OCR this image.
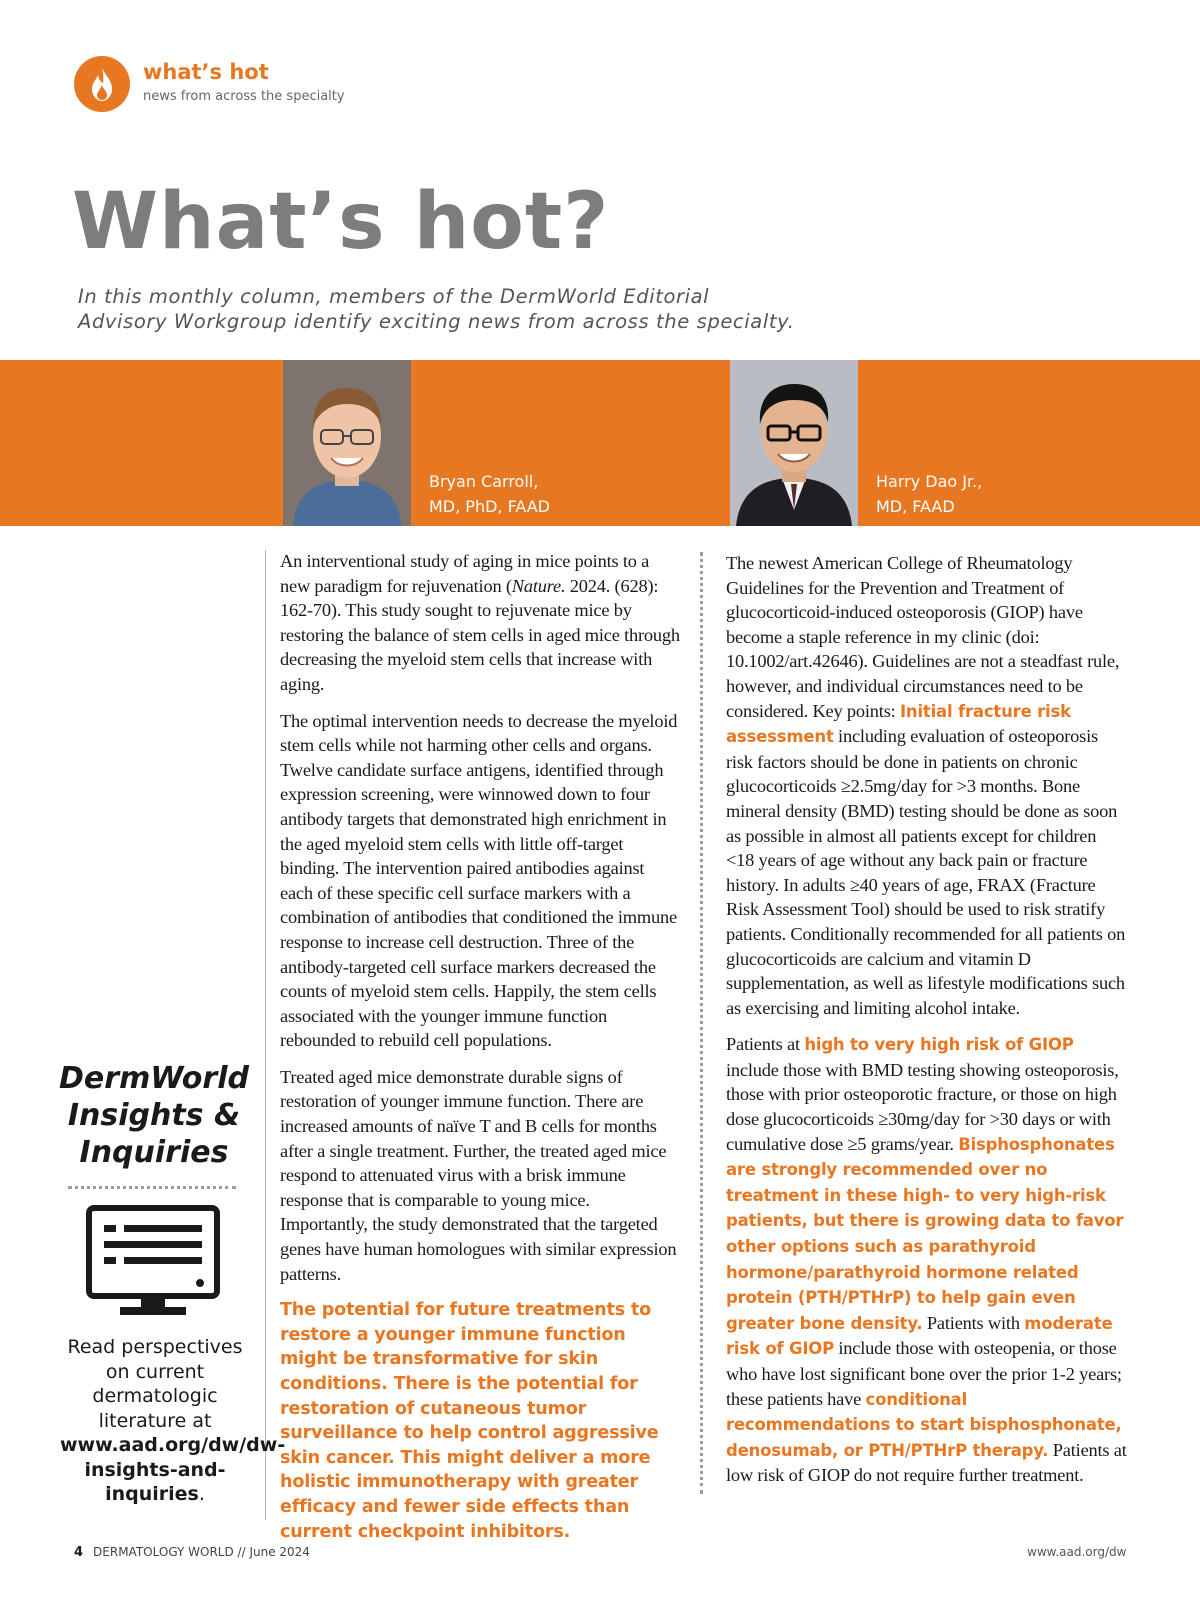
what’s hot
news from across the specialty
What’s hot?
In this monthly column, members of the DermWorld Editorial
Advisory Workgroup identify exciting news from across the specialty.
Bryan Carroll,
MD, PhD, FAAD
Harry Dao Jr.,
MD, FAAD

An interventional study of aging in mice points to a new paradigm for rejuvenation (Nature. 2024. (628): 162-70). This study sought to rejuvenate mice by restoring the balance of stem cells in aged mice through decreasing the myeloid stem cells that increase with aging.

The optimal intervention needs to decrease the myeloid stem cells while not harming other cells and organs. Twelve candidate surface antigens, identified through expression screening, were winnowed down to four antibody targets that demonstrated high enrichment in the aged myeloid stem cells with little off-target binding. The intervention paired antibodies against each of these specific cell surface markers with a combination of antibodies that conditioned the immune response to increase cell destruction. Three of the antibody-targeted cell surface markers decreased the counts of myeloid stem cells. Happily, the stem cells associated with the younger immune function rebounded to rebuild cell populations.

Treated aged mice demonstrate durable signs of restoration of younger immune function. There are increased amounts of naïve T and B cells for months after a single treatment. Further, the treated aged mice respond to attenuated virus with a brisk immune response that is comparable to young mice. Importantly, the study demonstrated that the targeted genes have human homologues with similar expression patterns.

The potential for future treatments to restore a younger immune function might be transformative for skin conditions. There is the potential for restoration of cutaneous tumor surveillance to help control aggressive skin cancer. This might deliver a more holistic immunotherapy with greater efficacy and fewer side effects than current checkpoint inhibitors.

The newest American College of Rheumatology Guidelines for the Prevention and Treatment of glucocorticoid-induced osteoporosis (GIOP) have become a staple reference in my clinic (doi: 10.1002/art.42646). Guidelines are not a steadfast rule, however, and individual circumstances need to be considered. Key points: Initial fracture risk assessment including evaluation of osteoporosis risk factors should be done in patients on chronic glucocorticoids ≥2.5mg/day for >3 months. Bone mineral density (BMD) testing should be done as soon as possible in almost all patients except for children <18 years of age without any back pain or fracture history. In adults ≥40 years of age, FRAX (Fracture Risk Assessment Tool) should be used to risk stratify patients. Conditionally recommended for all patients on glucocorticoids are calcium and vitamin D supplementation, as well as lifestyle modifications such as exercising and limiting alcohol intake.

Patients at high to very high risk of GIOP include those with BMD testing showing osteoporosis, those with prior osteoporotic fracture, or those on high dose glucocorticoids ≥30mg/day for >30 days or with cumulative dose ≥5 grams/year. Bisphosphonates are strongly recommended over no treatment in these high- to very high-risk patients, but there is growing data to favor other options such as parathyroid hormone/parathyroid hormone related protein (PTH/PTHrP) to help gain even greater bone density. Patients with moderate risk of GIOP include those with osteopenia, or those who have lost significant bone over the prior 1-2 years; these patients have conditional recommendations to start bisphosphonate, denosumab, or PTH/PTHrP therapy. Patients at low risk of GIOP do not require further treatment.

DermWorld
Insights &
Inquiries
Read perspectives on current dermatologic literature at www.aad.org/dw/dw-insights-and-inquiries.
4 DERMATOLOGY WORLD // June 2024	www.aad.org/dw
